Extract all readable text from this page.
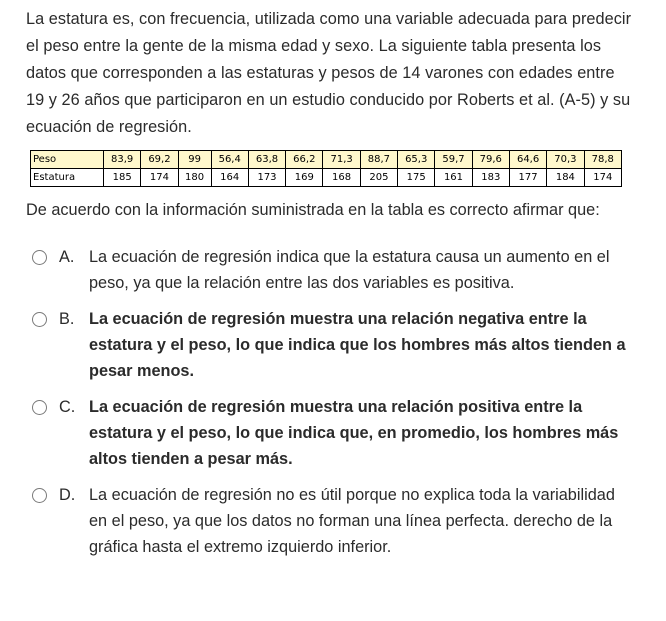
La estatura es, con frecuencia, utilizada como una variable adecuada para predecir el peso entre la gente de la misma edad y sexo. La siguiente tabla presenta los datos que corresponden a las estaturas y pesos de 14 varones con edades entre 19 y 26 años que participaron en un estudio conducido por Roberts et al. (A-5) y su ecuación de regresión.

Peso	83,9	69,2	99	56,4	63,8	66,2	71,3	88,7	65,3	59,7	79,6	64,6	70,3	78,8
Estatura	185	174	180	164	173	169	168	205	175	161	183	177	184	174

De acuerdo con la información suministrada en la tabla es correcto afirmar que:

A. La ecuación de regresión indica que la estatura causa un aumento en el peso, ya que la relación entre las dos variables es positiva.
B. La ecuación de regresión muestra una relación negativa entre la estatura y el peso, lo que indica que los hombres más altos tienden a pesar menos.
C. La ecuación de regresión muestra una relación positiva entre la estatura y el peso, lo que indica que, en promedio, los hombres más altos tienden a pesar más.
D. La ecuación de regresión no es útil porque no explica toda la variabilidad en el peso, ya que los datos no forman una línea perfecta. derecho de la gráfica hasta el extremo izquierdo inferior.
